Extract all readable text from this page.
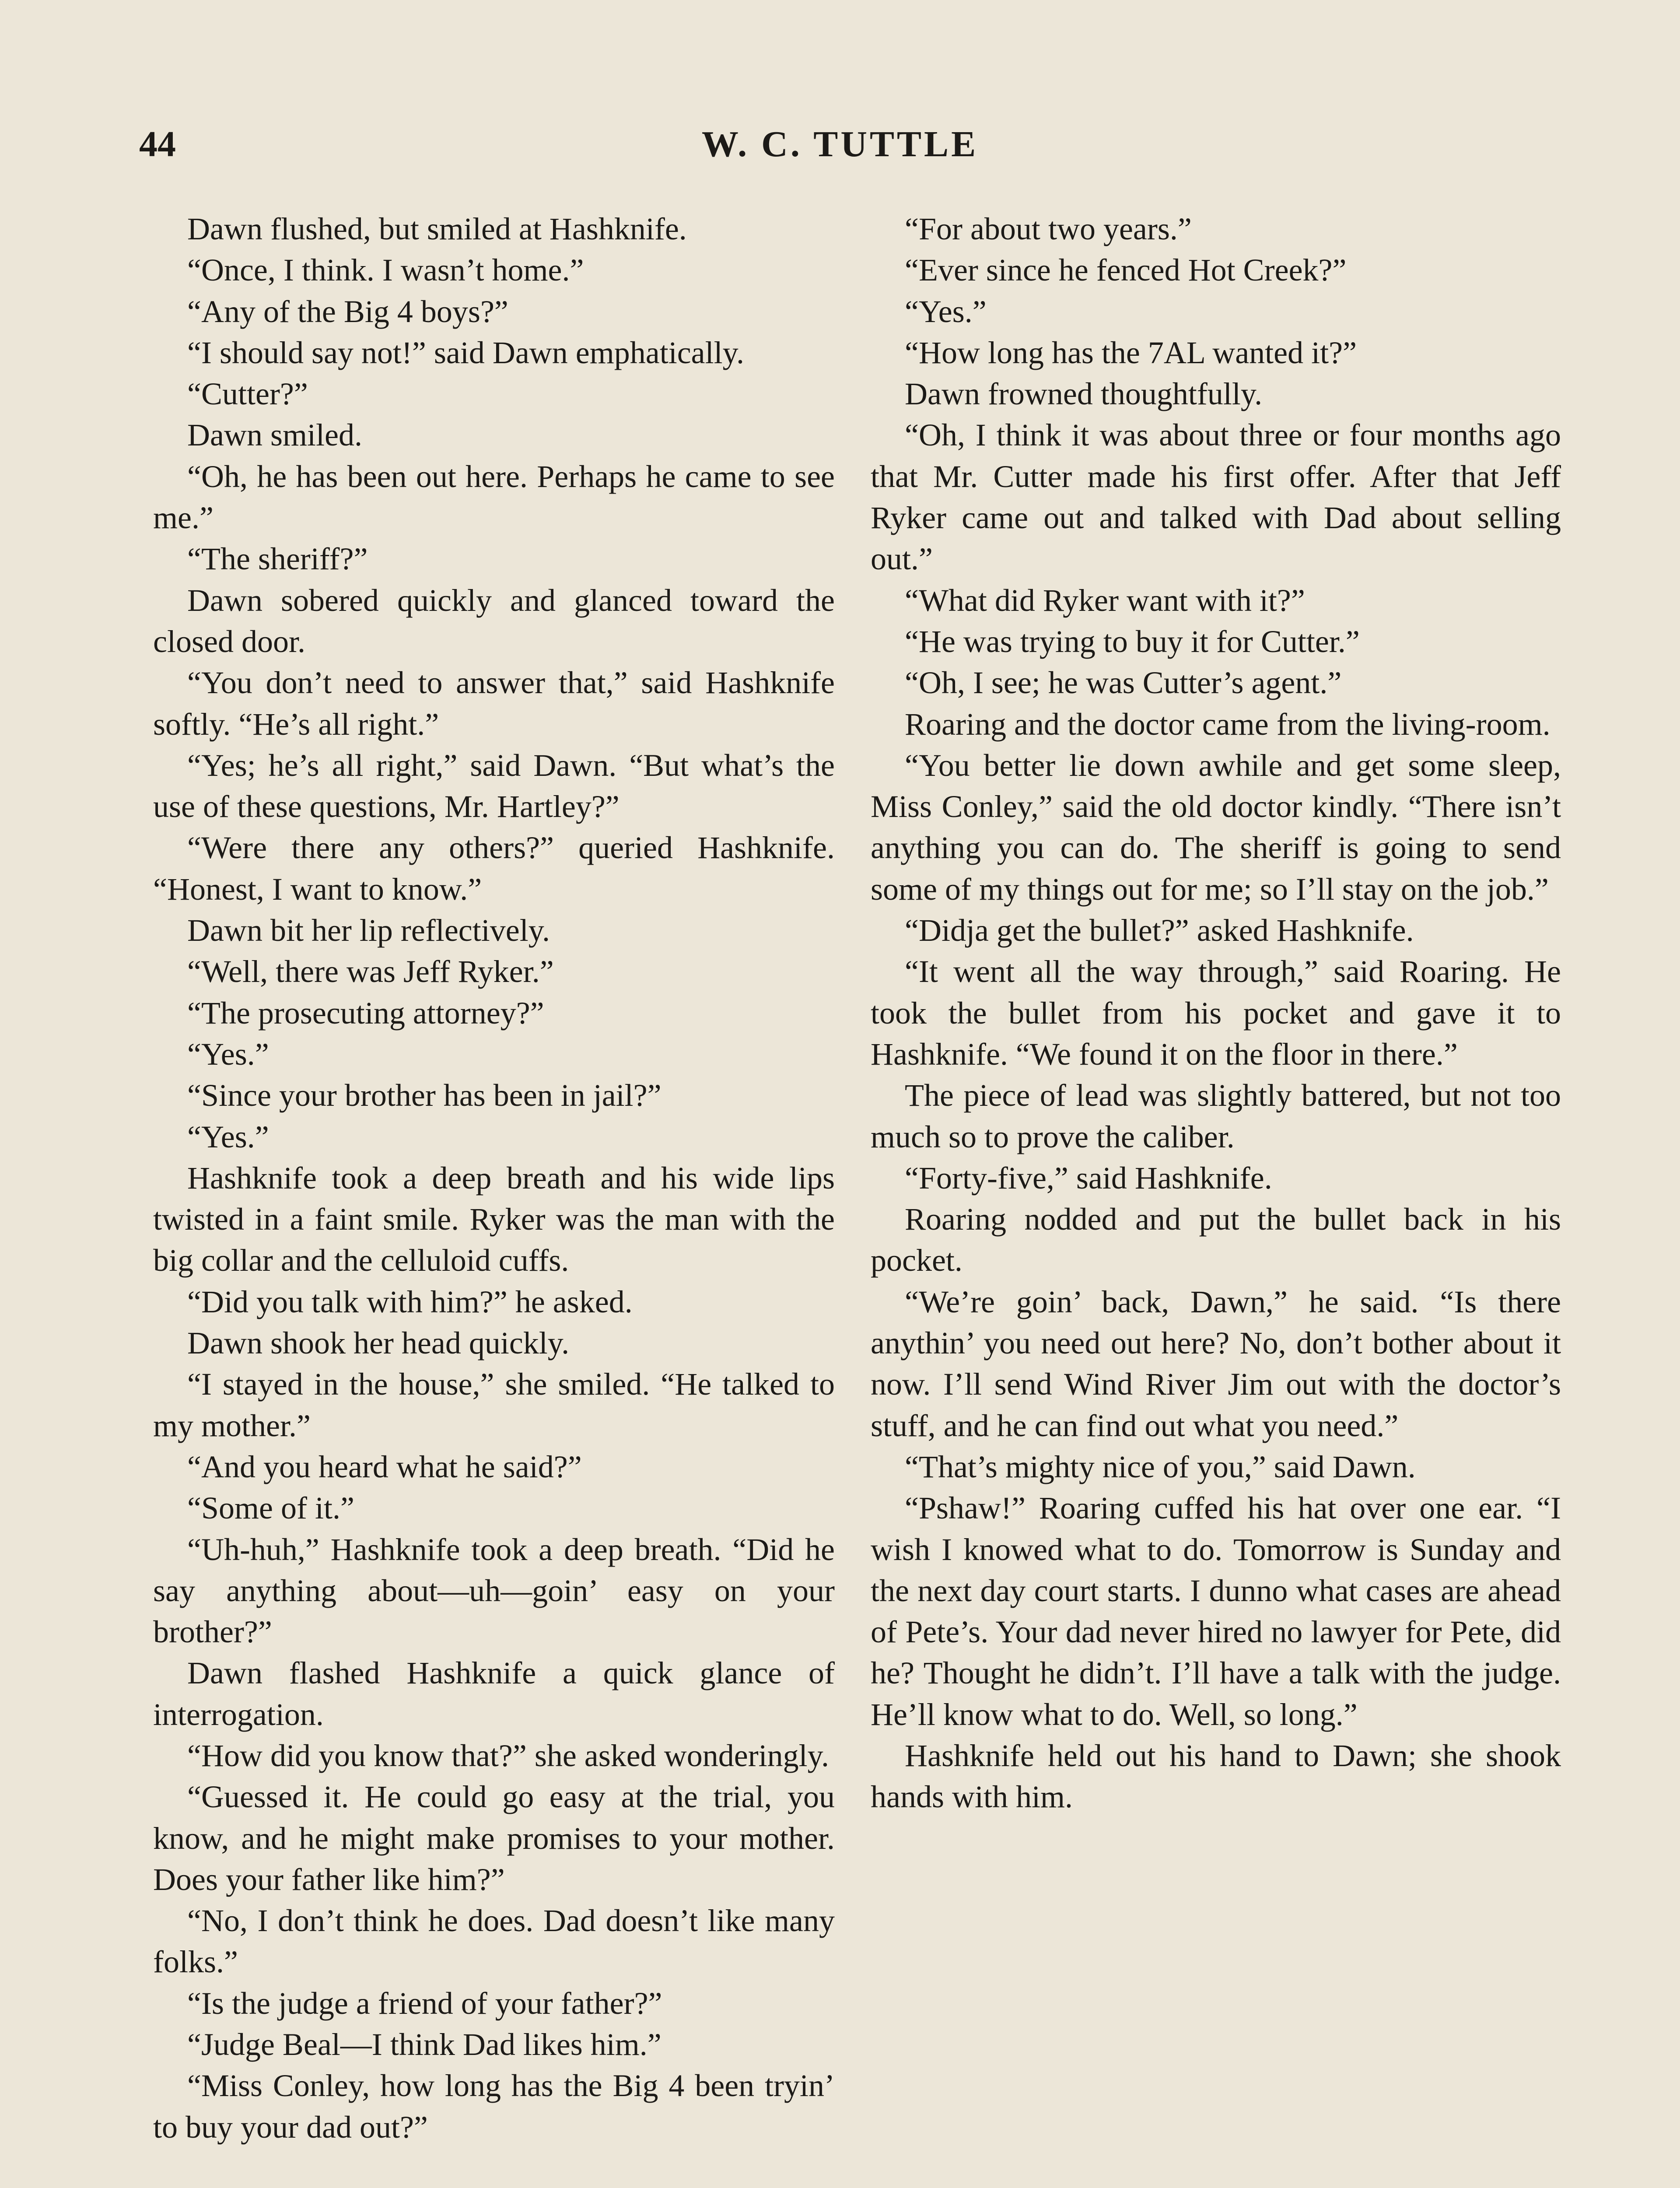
44	W. C. TUTTLE

Dawn flushed, but smiled at Hashknife.

“Once, I think. I wasn’t home.”

“Any of the Big 4 boys?”

“I should say not!” said Dawn emphatically.

“Cutter?”

Dawn smiled.

“Oh, he has been out here. Perhaps he came to see me.”

“The sheriff?”

Dawn sobered quickly and glanced toward the closed door.

“You don’t need to answer that,” said Hashknife softly. “He’s all right.”

“Yes; he’s all right,” said Dawn. “But what’s the use of these questions, Mr. Hartley?”

“Were there any others?” queried Hashknife. “Honest, I want to know.”

Dawn bit her lip reflectively.

“Well, there was Jeff Ryker.”

“The prosecuting attorney?”

“Yes.”

“Since your brother has been in jail?”

“Yes.”

Hashknife took a deep breath and his wide lips twisted in a faint smile. Ryker was the man with the big collar and the celluloid cuffs.

“Did you talk with him?” he asked.

Dawn shook her head quickly.

“I stayed in the house,” she smiled. “He talked to my mother.”

“And you heard what he said?”

“Some of it.”

“Uh-huh,” Hashknife took a deep breath. “Did he say anything about—uh—goin’ easy on your brother?”

Dawn flashed Hashknife a quick glance of interrogation.

“How did you know that?” she asked wonderingly.

“Guessed it. He could go easy at the trial, you know, and he might make promises to your mother. Does your father like him?”

“No, I don’t think he does. Dad doesn’t like many folks.”

“Is the judge a friend of your father?”

“Judge Beal—I think Dad likes him.”

“Miss Conley, how long has the Big 4 been tryin’ to buy your dad out?”

“For about two years.”

“Ever since he fenced Hot Creek?”

“Yes.”

“How long has the 7AL wanted it?”

Dawn frowned thoughtfully.

“Oh, I think it was about three or four months ago that Mr. Cutter made his first offer. After that Jeff Ryker came out and talked with Dad about selling out.”

“What did Ryker want with it?”

“He was trying to buy it for Cutter.”

“Oh, I see; he was Cutter’s agent.”

Roaring and the doctor came from the living-room.

“You better lie down awhile and get some sleep, Miss Conley,” said the old doctor kindly. “There isn’t anything you can do. The sheriff is going to send some of my things out for me; so I’ll stay on the job.”

“Didja get the bullet?” asked Hashknife.

“It went all the way through,” said Roaring. He took the bullet from his pocket and gave it to Hashknife. “We found it on the floor in there.”

The piece of lead was slightly battered, but not too much so to prove the caliber.

“Forty-five,” said Hashknife.

Roaring nodded and put the bullet back in his pocket.

“We’re goin’ back, Dawn,” he said. “Is there anythin’ you need out here? No, don’t bother about it now. I’ll send Wind River Jim out with the doctor’s stuff, and he can find out what you need.”

“That’s mighty nice of you,” said Dawn.

“Pshaw!” Roaring cuffed his hat over one ear. “I wish I knowed what to do. Tomorrow is Sunday and the next day court starts. I dunno what cases are ahead of Pete’s. Your dad never hired no lawyer for Pete, did he? Thought he didn’t. I’ll have a talk with the judge. He’ll know what to do. Well, so long.”

Hashknife held out his hand to Dawn; she shook hands with him.
